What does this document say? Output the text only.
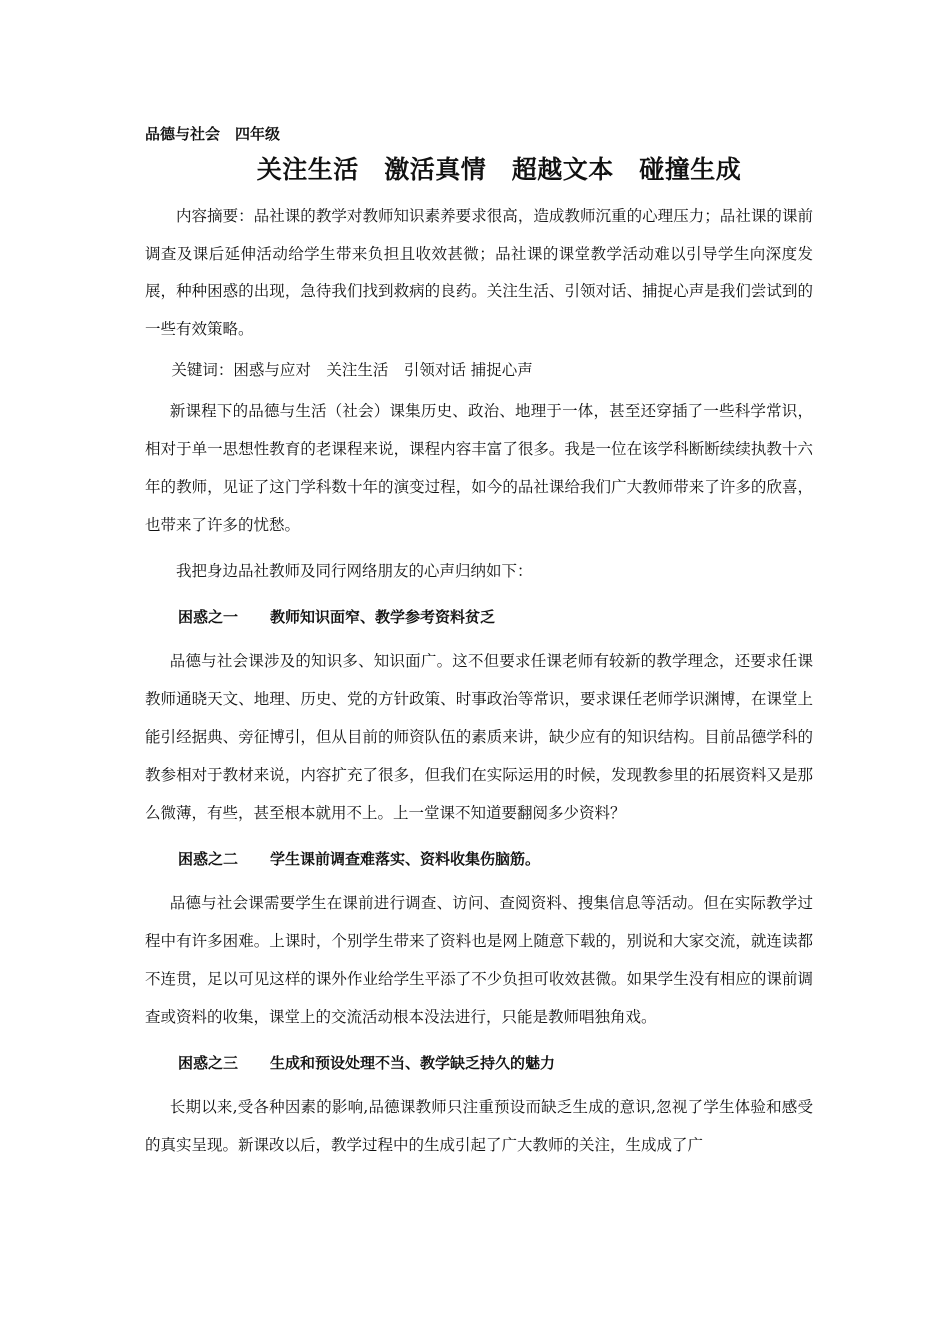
品德与社会　四年级

关注生活　激活真情　超越文本　碰撞生成

内容摘要：品社课的教学对教师知识素养要求很高，造成教师沉重的心理压力；品社课的课前调查及课后延伸活动给学生带来负担且收效甚微；品社课的课堂教学活动难以引导学生向深度发展，种种困惑的出现，急待我们找到救病的良药。关注生活、引领对话、捕捉心声是我们尝试到的一些有效策略。

关键词：困惑与应对　关注生活　引领对话 捕捉心声

新课程下的品德与生活（社会）课集历史、政治、地理于一体，甚至还穿插了一些科学常识，相对于单一思想性教育的老课程来说，课程内容丰富了很多。我是一位在该学科断断续续执教十六年的教师，见证了这门学科数十年的演变过程，如今的品社课给我们广大教师带来了许多的欣喜，也带来了许多的忧愁。

我把身边品社教师及同行网络朋友的心声归纳如下：

困惑之一 教师知识面窄、教学参考资料贫乏

品德与社会课涉及的知识多、知识面广。这不但要求任课老师有较新的教学理念，还要求任课教师通晓天文、地理、历史、党的方针政策、时事政治等常识，要求课任老师学识渊博，在课堂上能引经据典、旁征博引，但从目前的师资队伍的素质来讲，缺少应有的知识结构。目前品德学科的教参相对于教材来说，内容扩充了很多，但我们在实际运用的时候，发现教参里的拓展资料又是那么微薄，有些，甚至根本就用不上。上一堂课不知道要翻阅多少资料？

困惑之二 学生课前调查难落实、资料收集伤脑筋。

品德与社会课需要学生在课前进行调查、访问、查阅资料、搜集信息等活动。但在实际教学过程中有许多困难。上课时，个别学生带来了资料也是网上随意下载的，别说和大家交流，就连读都不连贯，足以可见这样的课外作业给学生平添了不少负担可收效甚微。如果学生没有相应的课前调查或资料的收集，课堂上的交流活动根本没法进行，只能是教师唱独角戏。

困惑之三 生成和预设处理不当、教学缺乏持久的魅力

长期以来,受各种因素的影响,品德课教师只注重预设而缺乏生成的意识,忽视了学生体验和感受的真实呈现。新课改以后，教学过程中的生成引起了广大教师的关注，生成成了广
